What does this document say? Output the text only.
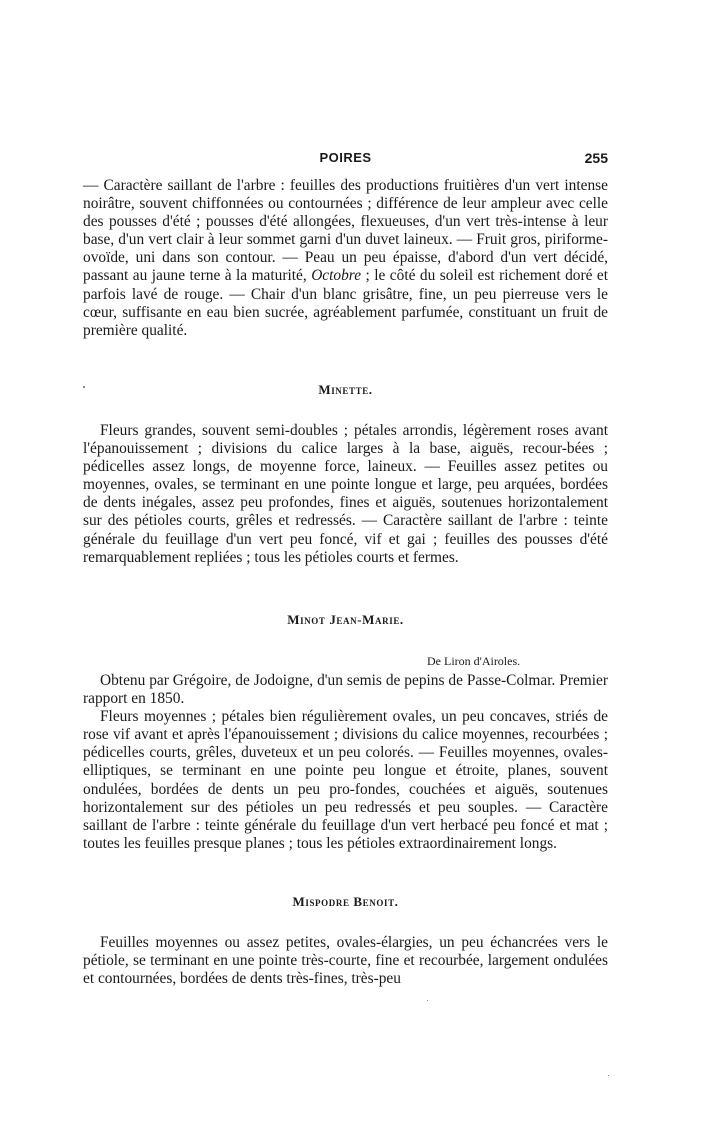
POIRES	255

— Caractère saillant de l'arbre : feuilles des productions fruitières d'un vert intense noirâtre, souvent chiffonnées ou contournées ; différence de leur ampleur avec celle des pousses d'été ; pousses d'été allongées, flexueuses, d'un vert très-intense à leur base, d'un vert clair à leur sommet garni d'un duvet laineux. — Fruit gros, piriforme-ovoïde, uni dans son contour. — Peau un peu épaisse, d'abord d'un vert décidé, passant au jaune terne à la maturité, Octobre ; le côté du soleil est richement doré et parfois lavé de rouge. — Chair d'un blanc grisâtre, fine, un peu pierreuse vers le cœur, suffisante en eau bien sucrée, agréablement parfumée, constituant un fruit de première qualité.

Minette.

Fleurs grandes, souvent semi-doubles ; pétales arrondis, légèrement roses avant l'épanouissement ; divisions du calice larges à la base, aiguës, recour-bées ; pédicelles assez longs, de moyenne force, laineux. — Feuilles assez petites ou moyennes, ovales, se terminant en une pointe longue et large, peu arquées, bordées de dents inégales, assez peu profondes, fines et aiguës, soutenues horizontalement sur des pétioles courts, grêles et redressés. — Caractère saillant de l'arbre : teinte générale du feuillage d'un vert peu foncé, vif et gai ; feuilles des pousses d'été remarquablement repliées ; tous les pétioles courts et fermes.

Minot Jean-Marie.

De Liron d'Airoles.

Obtenu par Grégoire, de Jodoigne, d'un semis de pepins de Passe-Colmar. Premier rapport en 1850.

Fleurs moyennes ; pétales bien régulièrement ovales, un peu concaves, striés de rose vif avant et après l'épanouissement ; divisions du calice moyennes, recourbées ; pédicelles courts, grêles, duveteux et un peu colorés. — Feuilles moyennes, ovales-elliptiques, se terminant en une pointe peu longue et étroite, planes, souvent ondulées, bordées de dents un peu pro-fondes, couchées et aiguës, soutenues horizontalement sur des pétioles un peu redressés et peu souples. — Caractère saillant de l'arbre : teinte générale du feuillage d'un vert herbacé peu foncé et mat ; toutes les feuilles presque planes ; tous les pétioles extraordinairement longs.

Mispodre Benoit.

Feuilles moyennes ou assez petites, ovales-élargies, un peu échancrées vers le pétiole, se terminant en une pointe très-courte, fine et recourbée, largement ondulées et contournées, bordées de dents très-fines, très-peu
